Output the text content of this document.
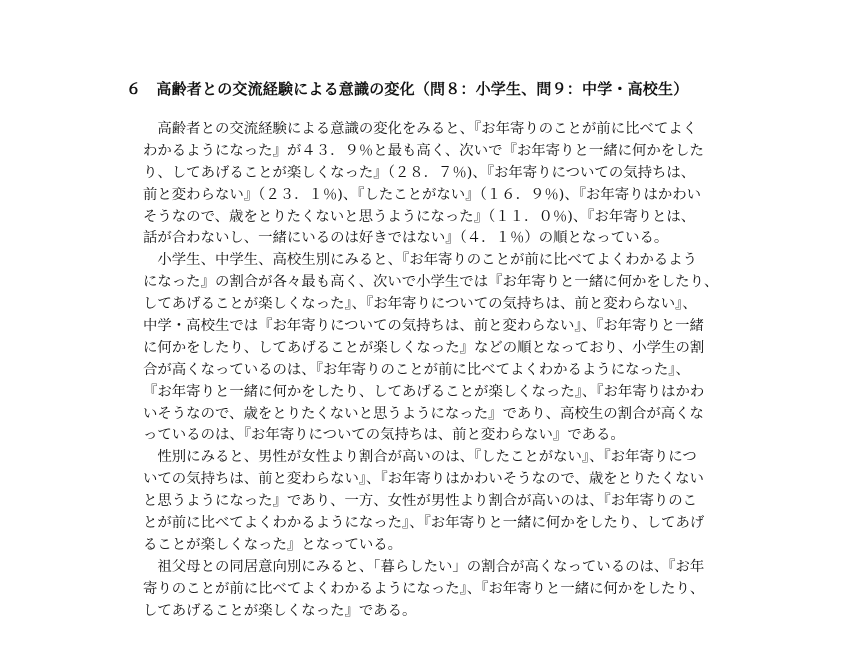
６　高齢者との交流経験による意識の変化（問８：小学生、問９：中学・高校生）
　高齢者との交流経験による意識の変化をみると、『お年寄りのことが前に比べてよく
わかるようになった』が４３．９％と最も高く、次いで『お年寄りと一緒に何かをした
り、してあげることが楽しくなった』（２８．７％)、『お年寄りについての気持ちは、
前と変わらない』（２３．１％)、『したことがない』（１６．９％)、『お年寄りはかわい
そうなので、歳をとりたくないと思うようになった』（１１．０％)、『お年寄りとは、
話が合わないし、一緒にいるのは好きではない』（４．１％）の順となっている。
　小学生、中学生、高校生別にみると、『お年寄りのことが前に比べてよくわかるよう
になった』の割合が各々最も高く、次いで小学生では『お年寄りと一緒に何かをしたり、
してあげることが楽しくなった』、『お年寄りについての気持ちは、前と変わらない』、
中学・高校生では『お年寄りについての気持ちは、前と変わらない』、『お年寄りと一緒
に何かをしたり、してあげることが楽しくなった』などの順となっており、小学生の割
合が高くなっているのは、『お年寄りのことが前に比べてよくわかるようになった』、
『お年寄りと一緒に何かをしたり、してあげることが楽しくなった』、『お年寄りはかわ
いそうなので、歳をとりたくないと思うようになった』であり、高校生の割合が高くな
っているのは、『お年寄りについての気持ちは、前と変わらない』である。
　性別にみると、男性が女性より割合が高いのは、『したことがない』、『お年寄りにつ
いての気持ちは、前と変わらない』、『お年寄りはかわいそうなので、歳をとりたくない
と思うようになった』であり、一方、女性が男性より割合が高いのは、『お年寄りのこ
とが前に比べてよくわかるようになった』、『お年寄りと一緒に何かをしたり、してあげ
ることが楽しくなった』となっている。
　祖父母との同居意向別にみると、「暮らしたい」の割合が高くなっているのは、『お年
寄りのことが前に比べてよくわかるようになった』、『お年寄りと一緒に何かをしたり、
してあげることが楽しくなった』である。
